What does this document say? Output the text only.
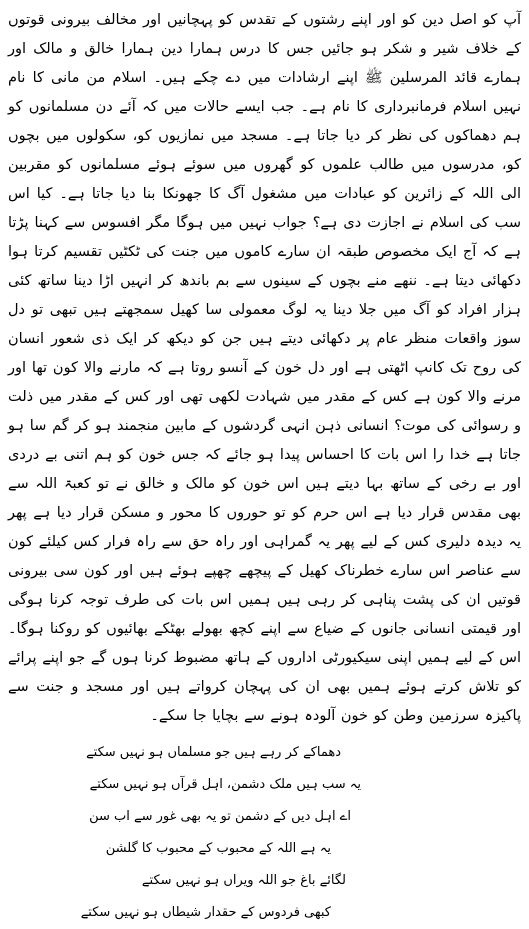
آپ کو اصل دین کو اور اپنے رشتوں کے تقدس کو پہچانیں اور مخالف بیرونی قوتوں کے خلاف شیر و شکر ہو جائیں جس کا درس ہمارا دین ہمارا خالق و مالک اور ہمارے قائد المرسلین ﷺ اپنے ارشادات میں دے چکے ہیں۔ اسلام من مانی کا نام نہیں اسلام فرمانبرداری کا نام ہے۔ جب ایسے حالات میں کہ آئے دن مسلمانوں کو ہم دھماکوں کی نظر کر دیا جاتا ہے۔ مسجد میں نمازیوں کو، سکولوں میں بچوں کو، مدرسوں میں طالب علموں کو گھروں میں سوئے ہوئے مسلمانوں کو مقربین الی اللہ کے زائرین کو عبادات میں مشغول آگ کا جھونکا بنا دیا جاتا ہے۔ کیا اس سب کی اسلام نے اجازت دی ہے؟ جواب نہیں میں ہوگا مگر افسوس سے کہنا پڑتا ہے کہ آج ایک مخصوص طبقہ ان سارے کاموں میں جنت کی ٹکٹیں تقسیم کرتا ہوا دکھائی دیتا ہے۔ ننھے منے بچوں کے سینوں سے بم باندھ کر انہیں اڑا دینا ساتھ کئی ہزار افراد کو آگ میں جلا دینا یہ لوگ معمولی سا کھیل سمجھتے ہیں تبھی تو دل سوز واقعات منظر عام پر دکھائی دیتے ہیں جن کو دیکھ کر ایک ذی شعور انسان کی روح تک کانپ اٹھتی ہے اور دل خون کے آنسو روتا ہے کہ مارنے والا کون تھا اور مرنے والا کون ہے کس کے مقدر میں شہادت لکھی تھی اور کس کے مقدر میں ذلت و رسوائی کی موت؟ انسانی ذہن انہی گردشوں کے مابین منجمند ہو کر گم سا ہو جاتا ہے خدا را اس بات کا احساس پیدا ہو جائے کہ جس خون کو ہم اتنی بے دردی اور بے رخی کے ساتھ بہا دیتے ہیں اس خون کو مالک و خالق نے تو کعبۃ اللہ سے بھی مقدس قرار دیا ہے اس حرم کو تو حوروں کا محور و مسکن قرار دیا ہے پھر یہ دیدہ دلیری کس کے لیے پھر یہ گمراہی اور راہ حق سے راہ فرار کس کیلئے کون سے عناصر اس سارے خطرناک کھیل کے پیچھے چھپے ہوئے ہیں اور کون سی بیرونی قوتیں ان کی پشت پناہی کر رہی ہیں ہمیں اس بات کی طرف توجہ کرنا ہوگی اور قیمتی انسانی جانوں کے ضیاع سے اپنے کچھ بھولے بھٹکے بھائیوں کو روکنا ہوگا۔ اس کے لیے ہمیں اپنی سیکیورٹی اداروں کے ہاتھ مضبوط کرنا ہوں گے جو اپنے پرائے کو تلاش کرتے ہوئے ہمیں بھی ان کی پہچان کرواتے ہیں اور مسجد و جنت سے پاکیزہ سرزمین وطن کو خون آلودہ ہونے سے بچایا جا سکے۔

دھماکے کر رہے ہیں جو مسلماں ہو نہیں سکتے
یہ سب ہیں ملک دشمن، اہل قرآں ہو نہیں سکتے
اے اہل دیں کے دشمن تو یہ بھی غور سے اب سن
یہ ہے اللہ کے محبوب کے محبوب کا گلشن
لگائے باغ جو اللہ ویراں ہو نہیں سکتے
کبھی فردوس کے حقدار شیطاں ہو نہیں سکتے
